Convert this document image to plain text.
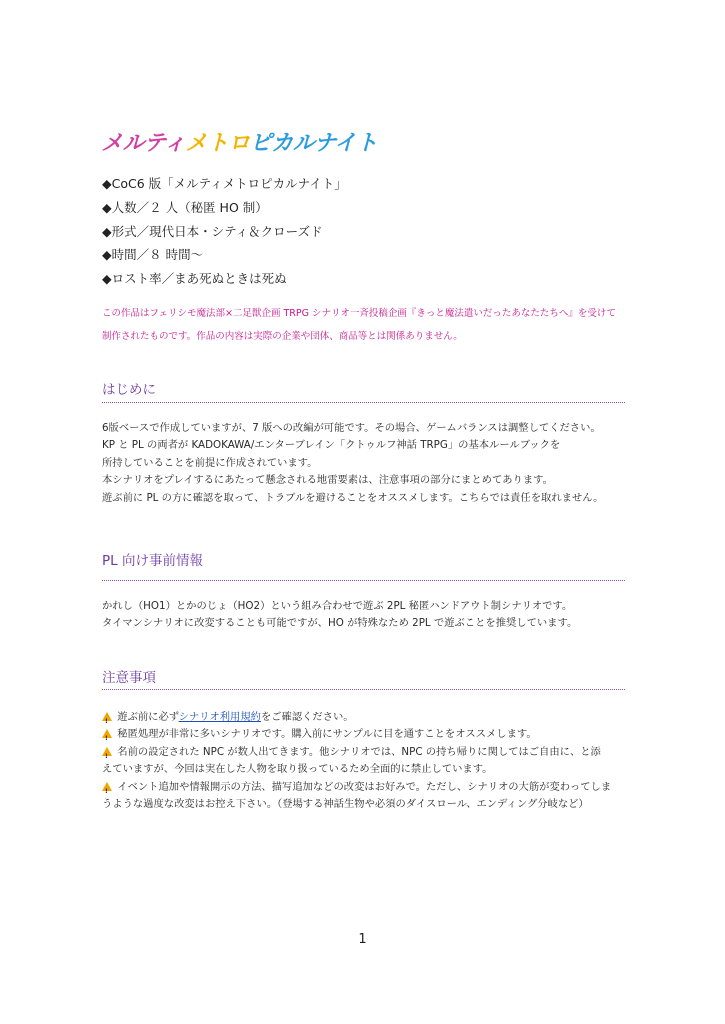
メルティメトロピカルナイト
◆CoC6 版「メルティメトロピカルナイト」
◆人数／２ 人（秘匿 HO 制）
◆形式／現代日本・シティ＆クローズド
◆時間／８ 時間～
◆ロスト率／まあ死ぬときは死ぬ
この作品はフェリシモ魔法部×二足獣企画 TRPG シナリオ一斉投稿企画『きっと魔法遣いだったあなたたちへ』を受けて
制作されたものです。作品の内容は実際の企業や団体、商品等とは関係ありません。
はじめに
6版ベースで作成していますが、7 版への改編が可能です。その場合、ゲームバランスは調整してください。
KP と PL の両者が KADOKAWA/エンターブレイン「クトゥルフ神話 TRPG」の基本ルールブックを
所持していることを前提に作成されています。
本シナリオをプレイするにあたって懸念される地雷要素は、注意事項の部分にまとめてあります。
遊ぶ前に PL の方に確認を取って、トラブルを避けることをオススメします。こちらでは責任を取れません。
PL 向け事前情報
かれし（HO1）とかのじょ（HO2）という組み合わせで遊ぶ 2PL 秘匿ハンドアウト制シナリオです。
タイマンシナリオに改変することも可能ですが、HO が特殊なため 2PL で遊ぶことを推奨しています。
注意事項
! 遊ぶ前に必ずシナリオ利用規約をご確認ください。
! 秘匿処理が非常に多いシナリオです。購入前にサンプルに目を通すことをオススメします。
! 名前の設定された NPC が数人出てきます。他シナリオでは、NPC の持ち帰りに関してはご自由に、と添
えていますが、今回は実在した人物を取り扱っているため全面的に禁止しています。
! イベント追加や情報開示の方法、描写追加などの改変はお好みで。ただし、シナリオの大筋が変わってしま
うような過度な改変はお控え下さい。（登場する神話生物や必須のダイスロール、エンディング分岐など）
1
